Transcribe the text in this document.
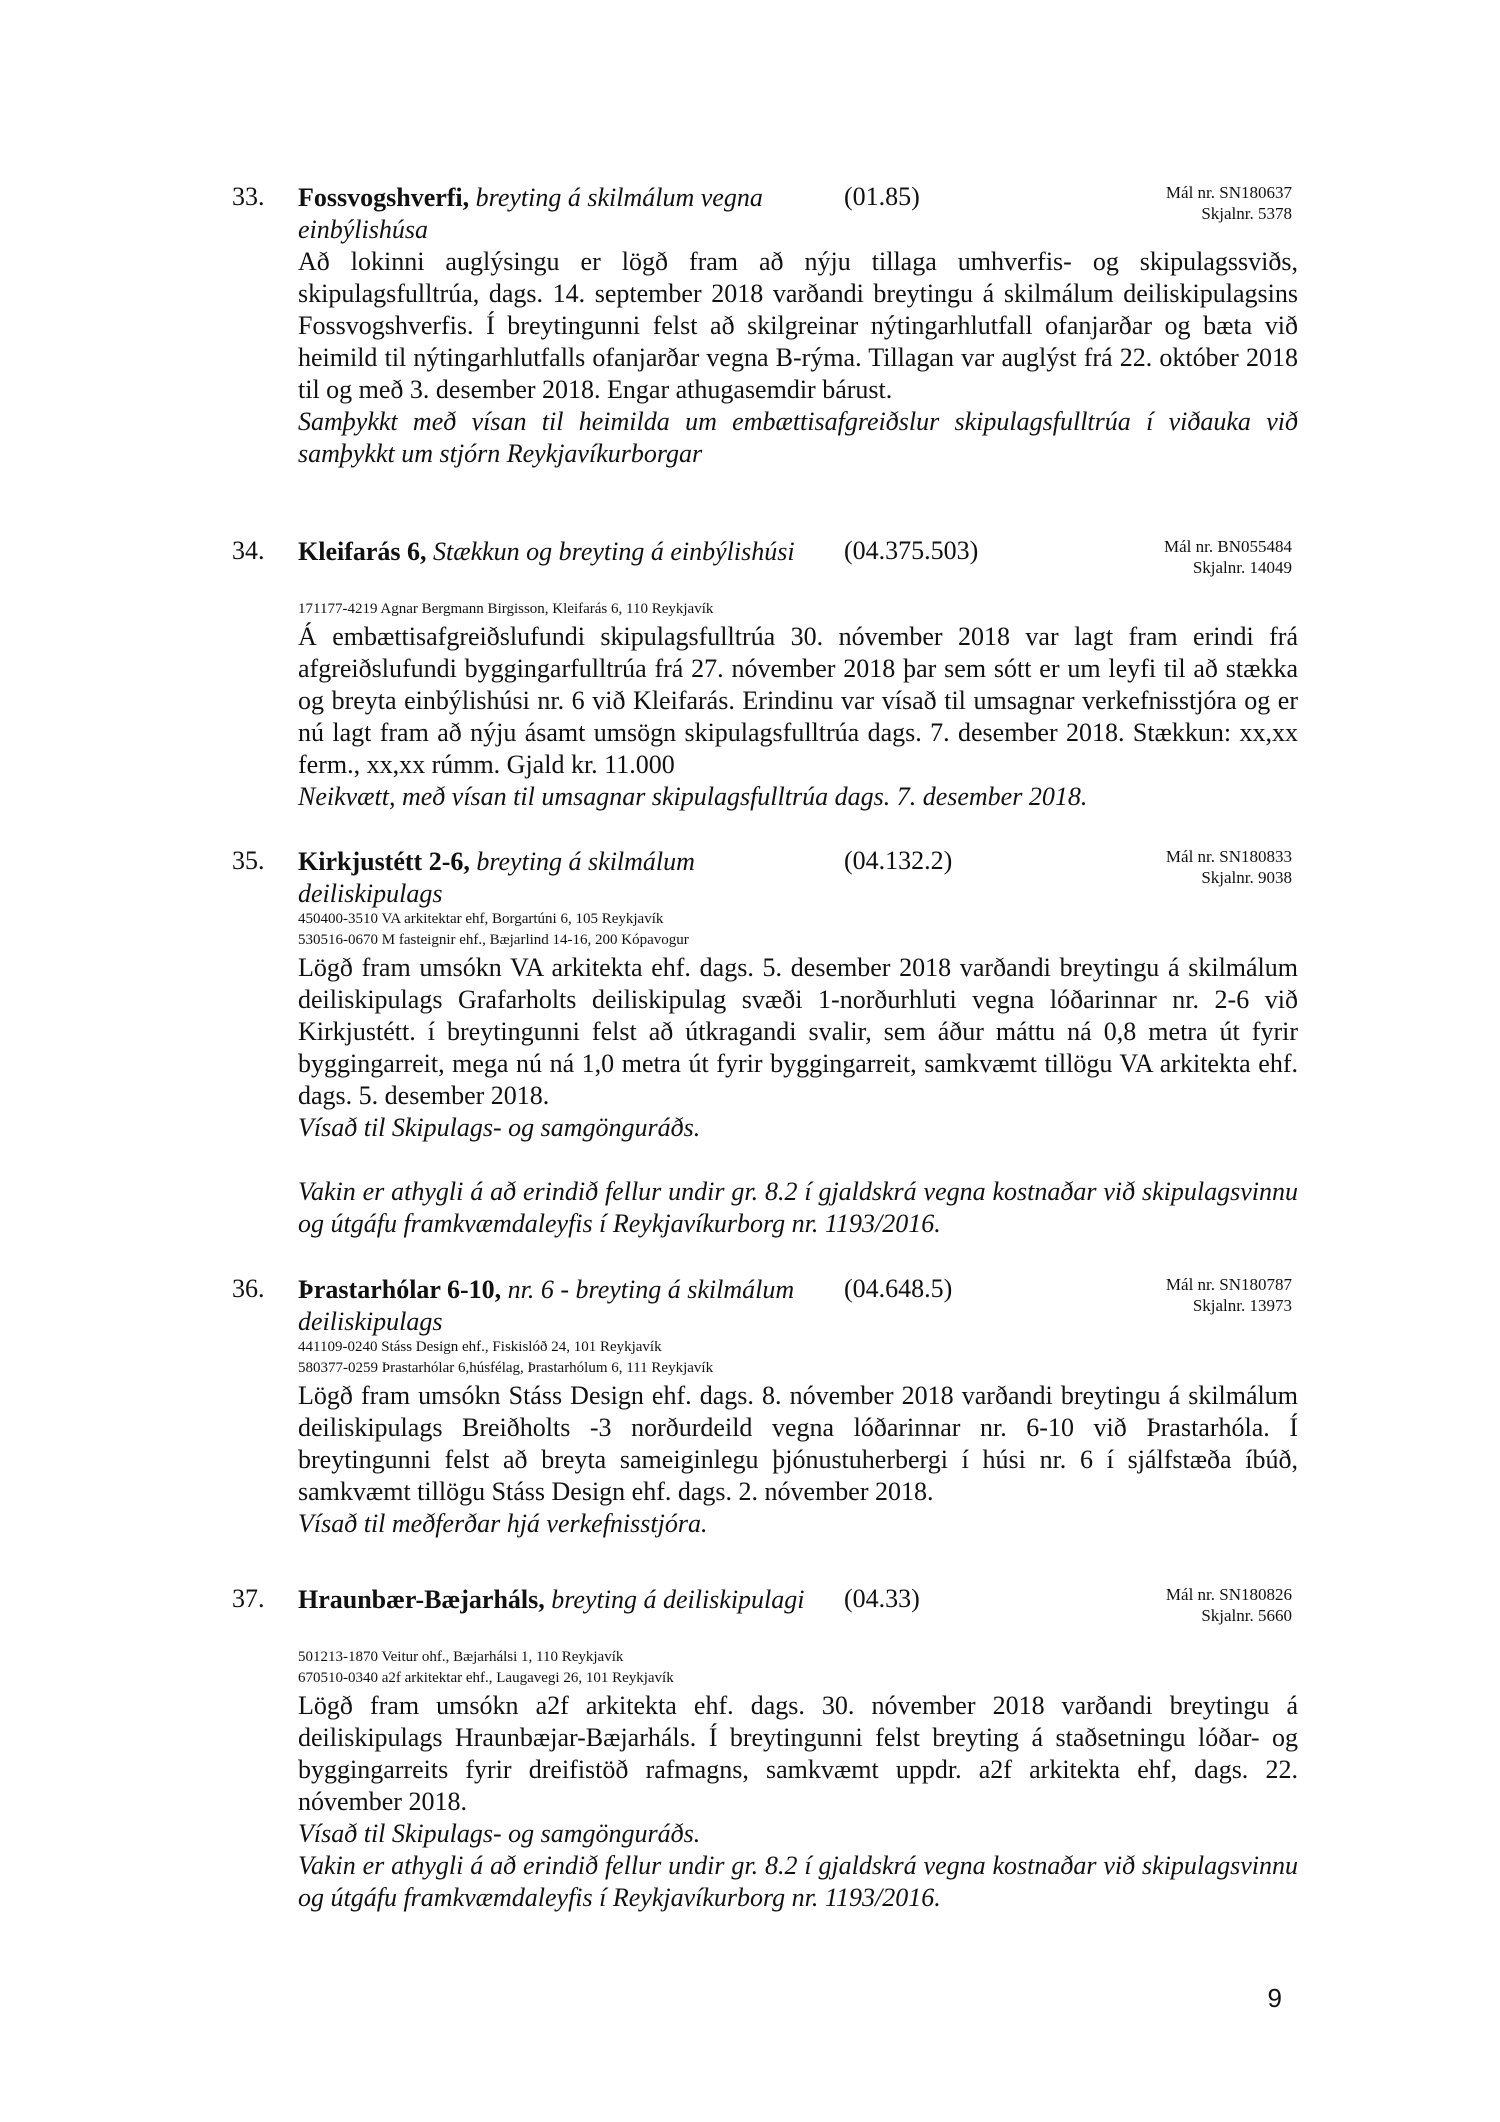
33. Fossvogshverfi, breyting á skilmálum vegna einbýlishúsa
(01.85)	Mál nr. SN180637
Skjalnr. 5378

Að lokinni auglýsingu er lögð fram að nýju tillaga umhverfis- og skipulagssviðs, skipulagsfulltrúa, dags. 14. september 2018 varðandi breytingu á skilmálum deiliskipulagsins Fossvogshverfis. Í breytingunni felst að skilgreinar nýtingarhlutfall ofanjarðar og bæta við heimild til nýtingarhlutfalls ofanjarðar vegna B-rýma. Tillagan var auglýst frá 22. október 2018 til og með 3. desember 2018. Engar athugasemdir bárust.

Samþykkt með vísan til heimilda um embættisafgreiðslur skipulagsfulltrúa í viðauka við samþykkt um stjórn Reykjavíkurborgar

34. Kleifarás 6, Stækkun og breyting á einbýlishúsi	(04.375.503)	Mál nr. BN055484
Skjalnr. 14049
171177-4219 Agnar Bergmann Birgisson, Kleifarás 6, 110 Reykjavík

Á embættisafgreiðslufundi skipulagsfulltrúa 30. nóvember 2018 var lagt fram erindi frá afgreiðslufundi byggingarfulltrúa frá 27. nóvember 2018 þar sem sótt er um leyfi til að stækka og breyta einbýlishúsi nr. 6 við Kleifarás. Erindinu var vísað til umsagnar verkefnisstjóra og er nú lagt fram að nýju ásamt umsögn skipulagsfulltrúa dags. 7. desember 2018. Stækkun: xx,xx ferm., xx,xx rúmm. Gjald kr. 11.000

Neikvætt, með vísan til umsagnar skipulagsfulltrúa dags. 7. desember 2018.

35. Kirkjustétt 2-6, breyting á skilmálum deiliskipulags
(04.132.2)	Mál nr. SN180833
Skjalnr. 9038
450400-3510 VA arkitektar ehf, Borgartúni 6, 105 Reykjavík
530516-0670 M fasteignir ehf., Bæjarlind 14-16, 200 Kópavogur

Lögð fram umsókn VA arkitekta ehf. dags. 5. desember 2018 varðandi breytingu á skilmálum deiliskipulags Grafarholts deiliskipulag svæði 1-norðurhluti vegna lóðarinnar nr. 2-6 við Kirkjustétt. í breytingunni felst að útkragandi svalir, sem áður máttu ná 0,8 metra út fyrir byggingarreit, mega nú ná 1,0 metra út fyrir byggingarreit, samkvæmt tillögu VA arkitekta ehf. dags. 5. desember 2018.

Vísað til Skipulags- og samgönguráðs.

Vakin er athygli á að erindið fellur undir gr. 8.2 í gjaldskrá vegna kostnaðar við skipulagsvinnu og útgáfu framkvæmdaleyfis í Reykjavíkurborg nr. 1193/2016.

36. Þrastarhólar 6-10, nr. 6 - breyting á skilmálum deiliskipulags
(04.648.5)	Mál nr. SN180787
Skjalnr. 13973
441109-0240 Stáss Design ehf., Fiskislóð 24, 101 Reykjavík
580377-0259 Þrastarhólar 6,húsfélag, Þrastarhólum 6, 111 Reykjavík

Lögð fram umsókn Stáss Design ehf. dags. 8. nóvember 2018 varðandi breytingu á skilmálum deiliskipulags Breiðholts -3 norðurdeild vegna lóðarinnar nr. 6-10 við Þrastarhóla. Í breytingunni felst að breyta sameiginlegu þjónustuherbergi í húsi nr. 6 í sjálfstæða íbúð, samkvæmt tillögu Stáss Design ehf. dags. 2. nóvember 2018.

Vísað til meðferðar hjá verkefnisstjóra.

37. Hraunbær-Bæjarháls, breyting á deiliskipulagi	(04.33)	Mál nr. SN180826
Skjalnr. 5660
501213-1870 Veitur ohf., Bæjarhálsi 1, 110 Reykjavík
670510-0340 a2f arkitektar ehf., Laugavegi 26, 101 Reykjavík

Lögð fram umsókn a2f arkitekta ehf. dags. 30. nóvember 2018 varðandi breytingu á deiliskipulags Hraunbæjar-Bæjarháls. Í breytingunni felst breyting á staðsetningu lóðar- og byggingarreits fyrir dreifistöð rafmagns, samkvæmt uppdr. a2f arkitekta ehf, dags. 22. nóvember 2018.

Vísað til Skipulags- og samgönguráðs.

Vakin er athygli á að erindið fellur undir gr. 8.2 í gjaldskrá vegna kostnaðar við skipulagsvinnu og útgáfu framkvæmdaleyfis í Reykjavíkurborg nr. 1193/2016.

9
